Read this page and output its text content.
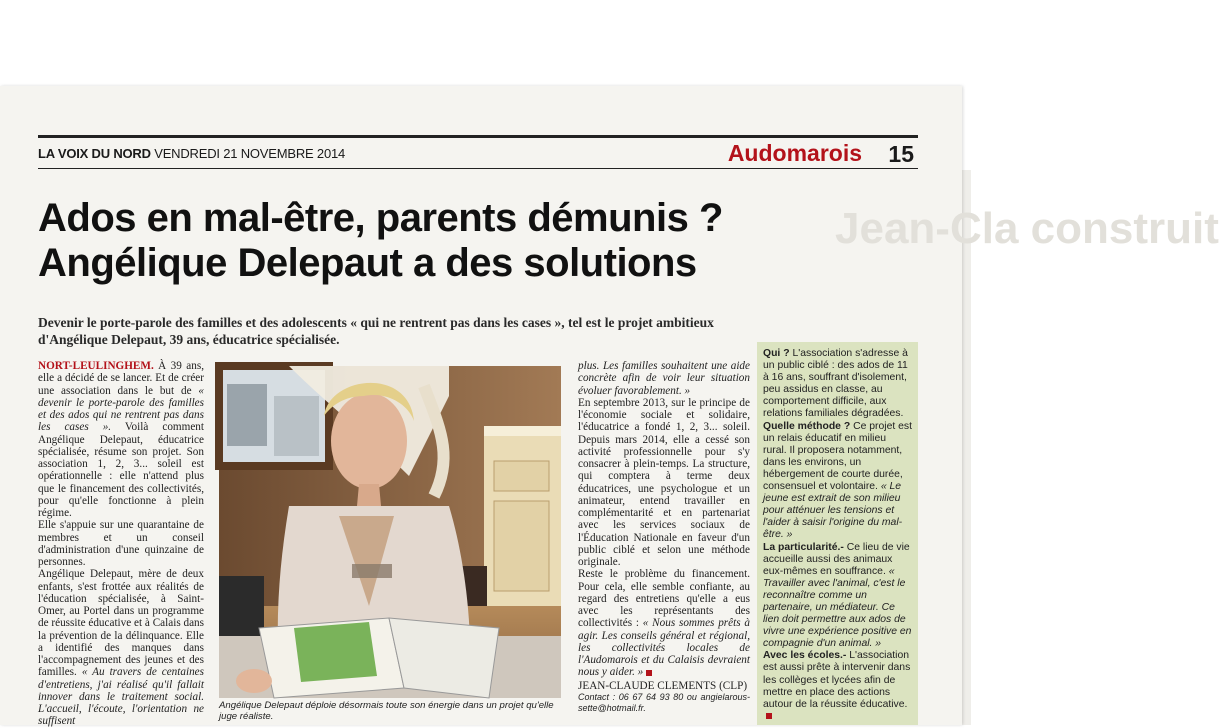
Jean-Cla construit
LA VOIX DU NORD VENDREDI 21 NOVEMBRE 2014	Audomarois 15
Ados en mal-être, parents démunis ?
Angélique Delepaut a des solutions
Devenir le porte-parole des familles et des adolescents « qui ne rentrent pas dans les cases », tel est le projet ambitieux d'Angélique Delepaut, 39 ans, éducatrice spécialisée.
NORT-LEULINGHEM. À 39 ans, elle a décidé de se lancer. Et de créer une association dans le but de « devenir le porte-parole des familles et des ados qui ne rentrent pas dans les cases ». Voilà comment Angélique Delepaut, éducatrice spécialisée, résume son projet. Son association 1, 2, 3... soleil est opérationnelle : elle n'attend plus que le financement des collectivités, pour qu'elle fonctionne à plein régime.
Elle s'appuie sur une quarantaine de membres et un conseil d'administration d'une quinzaine de personnes.
Angélique Delepaut, mère de deux enfants, s'est frottée aux réalités de l'éducation spécialisée, à Saint-Omer, au Portel dans un programme de réussite éducative et à Calais dans la prévention de la délinquance. Elle a identifié des manques dans l'accompagnement des jeunes et des familles. « Au travers de centaines d'entretiens, j'ai réalisé qu'il fallait innover dans le traitement social. L'accueil, l'écoute, l'orientation ne suffisent
Angélique Delepaut déploie désormais toute son énergie dans un projet qu'elle juge réaliste.
plus. Les familles souhaitent une aide concrète afin de voir leur situation évoluer favorablement. »
En septembre 2013, sur le principe de l'économie sociale et solidaire, l'éducatrice a fondé 1, 2, 3... soleil. Depuis mars 2014, elle a cessé son activité professionnelle pour s'y consacrer à plein-temps. La structure, qui comptera à terme deux éducatrices, une psychologue et un animateur, entend travailler en complémentarité et en partenariat avec les services sociaux de l'Éducation Nationale en faveur d'un public ciblé et selon une méthode originale.
Reste le problème du financement. Pour cela, elle semble confiante, au regard des entretiens qu'elle a eus avec les représentants des collectivités : « Nous sommes prêts à agir. Les conseils général et régional, les collectivités locales de l'Audomarois et du Calaisis devraient nous y aider. »
JEAN-CLAUDE CLEMENTS (CLP)
Contact : 06 67 64 93 80 ou angielarous-sette@hotmail.fr.
Qui ? L'association s'adresse à un public ciblé : des ados de 11 à 16 ans, souffrant d'isolement, peu assidus en classe, au comportement difficile, aux relations familiales dégradées.
Quelle méthode ? Ce projet est un relais éducatif en milieu rural. Il proposera notamment, dans les environs, un hébergement de courte durée, consensuel et volontaire. « Le jeune est extrait de son milieu pour atténuer les tensions et l'aider à saisir l'origine du mal-être. »
La particularité.- Ce lieu de vie accueille aussi des animaux eux-mêmes en souffrance. « Travailler avec l'animal, c'est le reconnaître comme un partenaire, un médiateur. Ce lien doit permettre aux ados de vivre une expérience positive en compagnie d'un animal. »
Avec les écoles.- L'association est aussi prête à intervenir dans les collèges et lycées afin de mettre en place des actions autour de la réussite éducative.
